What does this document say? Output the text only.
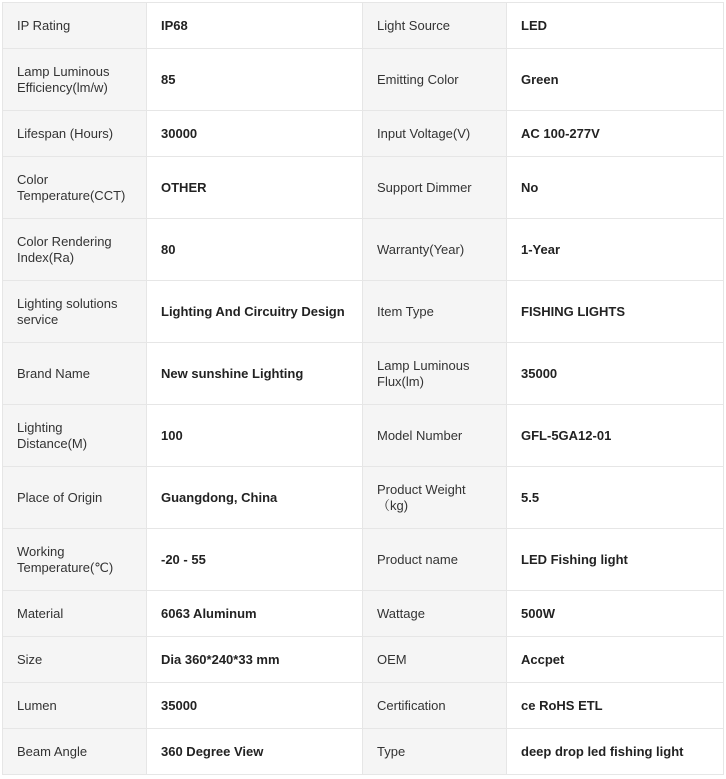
IP Rating	IP68	Light Source	LED
Lamp Luminous Efficiency(lm/w)	85	Emitting Color	Green
Lifespan (Hours)	30000	Input Voltage(V)	AC 100-277V
Color Temperature(CCT)	OTHER	Support Dimmer	No
Color Rendering Index(Ra)	80	Warranty(Year)	1-Year
Lighting solutions service	Lighting And Circuitry Design	Item Type	FISHING LIGHTS
Brand Name	New sunshine Lighting	Lamp Luminous Flux(lm)	35000
Lighting Distance(M)	100	Model Number	GFL-5GA12-01
Place of Origin	Guangdong, China	Product Weight （kg)	5.5
Working Temperature(℃)	-20 - 55	Product name	LED Fishing light
Material	6063 Aluminum	Wattage	500W
Size	Dia 360*240*33 mm	OEM	Accpet
Lumen	35000	Certification	ce RoHS ETL
Beam Angle	360 Degree View	Type	deep drop led fishing light
